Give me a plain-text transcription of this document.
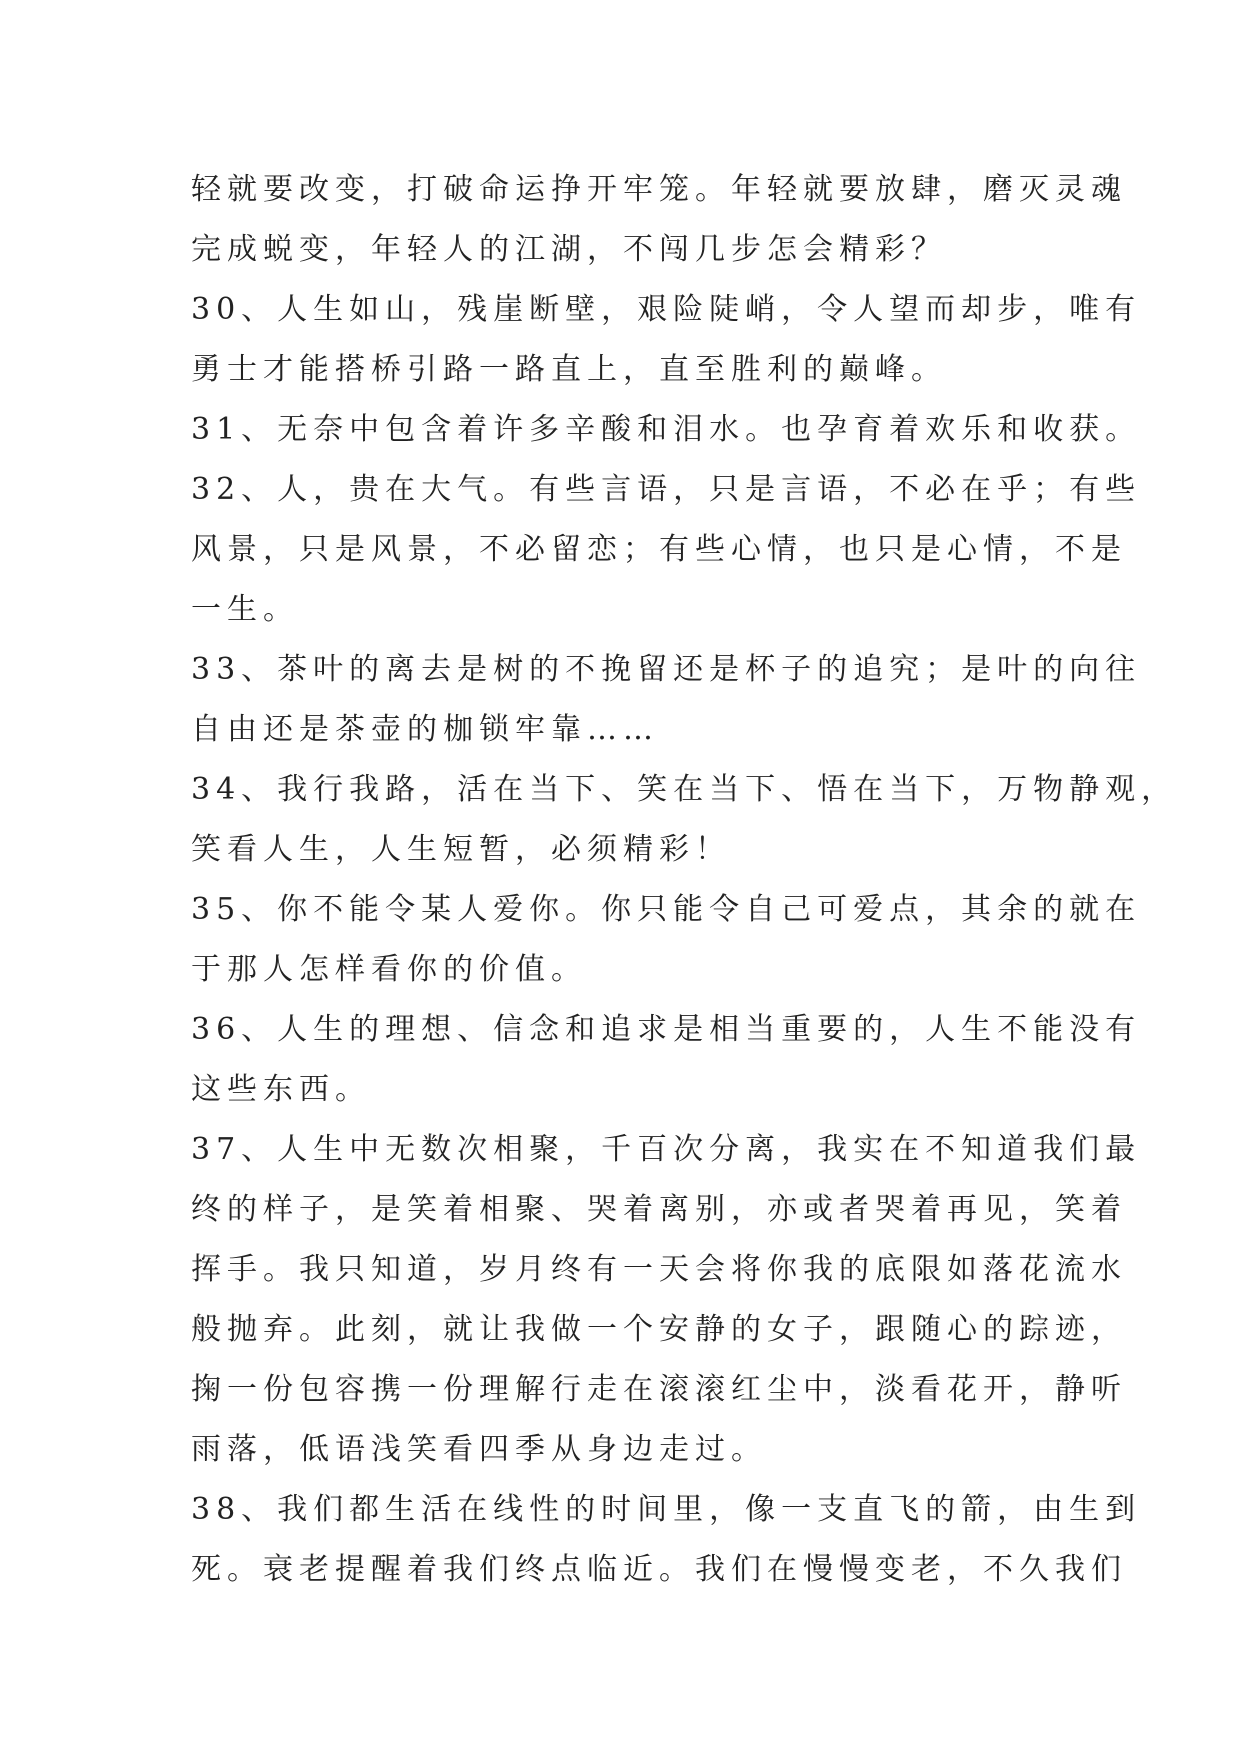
轻就要改变，打破命运挣开牢笼。年轻就要放肆，磨灭灵魂
完成蜕变，年轻人的江湖，不闯几步怎会精彩？
30、人生如山，残崖断壁，艰险陡峭，令人望而却步，唯有
勇士才能搭桥引路一路直上，直至胜利的巅峰。
31、无奈中包含着许多辛酸和泪水。也孕育着欢乐和收获。
32、人，贵在大气。有些言语，只是言语，不必在乎；有些
风景，只是风景，不必留恋；有些心情，也只是心情，不是
一生。
33、茶叶的离去是树的不挽留还是杯子的追究；是叶的向往
自由还是茶壶的枷锁牢靠……
34、我行我路，活在当下、笑在当下、悟在当下，万物静观，
笑看人生，人生短暂，必须精彩！
35、你不能令某人爱你。你只能令自己可爱点，其余的就在
于那人怎样看你的价值。
36、人生的理想、信念和追求是相当重要的，人生不能没有
这些东西。
37、人生中无数次相聚，千百次分离，我实在不知道我们最
终的样子，是笑着相聚、哭着离别，亦或者哭着再见，笑着
挥手。我只知道，岁月终有一天会将你我的底限如落花流水
般抛弃。此刻，就让我做一个安静的女子，跟随心的踪迹，
掬一份包容携一份理解行走在滚滚红尘中，淡看花开，静听
雨落，低语浅笑看四季从身边走过。
38、我们都生活在线性的时间里，像一支直飞的箭，由生到
死。衰老提醒着我们终点临近。我们在慢慢变老，不久我们
